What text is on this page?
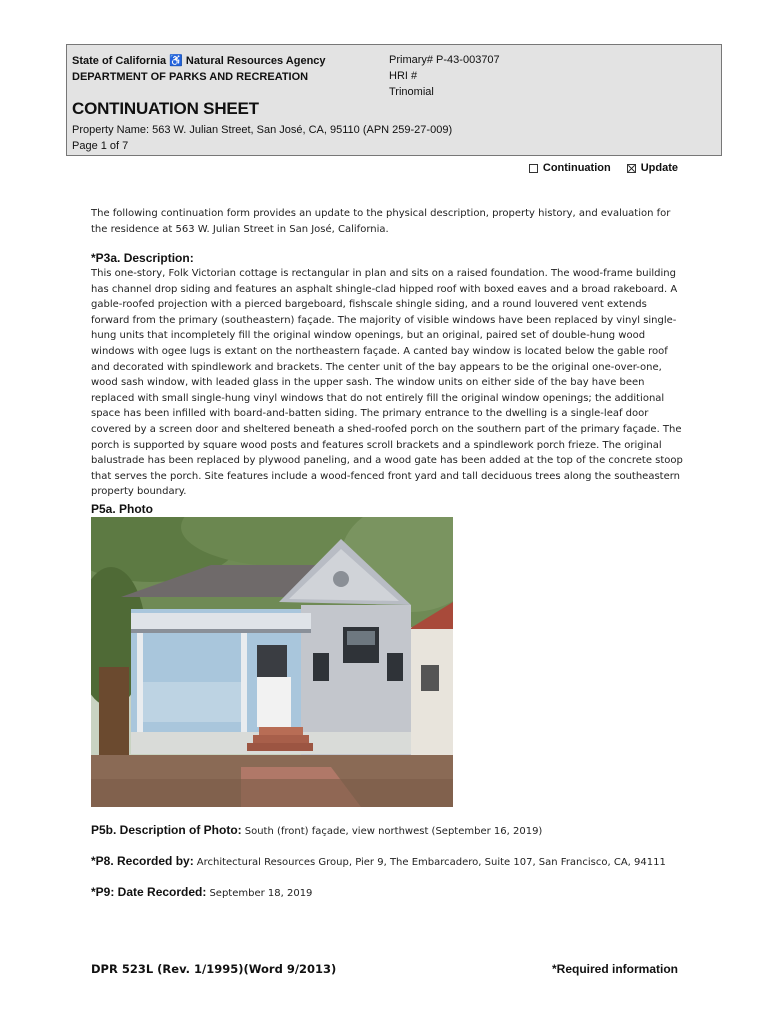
State of California ♿ Natural Resources Agency
DEPARTMENT OF PARKS AND RECREATION
Primary# P-43-003707
HRI #
Trinomial
CONTINUATION SHEET
Property Name: 563 W. Julian Street, San José, CA, 95110 (APN 259-27-009)
Page 1 of 7
Continuation	Update
The following continuation form provides an update to the physical description, property history, and evaluation for the residence at 563 W. Julian Street in San José, California.
*P3a. Description:
This one-story, Folk Victorian cottage is rectangular in plan and sits on a raised foundation. The wood-frame building has channel drop siding and features an asphalt shingle-clad hipped roof with boxed eaves and a broad rakeboard. A gable-roofed projection with a pierced bargeboard, fishscale shingle siding, and a round louvered vent extends forward from the primary (southeastern) façade. The majority of visible windows have been replaced by vinyl single-hung units that incompletely fill the original window openings, but an original, paired set of double-hung wood windows with ogee lugs is extant on the northeastern façade. A canted bay window is located below the gable roof and decorated with spindlework and brackets. The center unit of the bay appears to be the original one-over-one, wood sash window, with leaded glass in the upper sash. The window units on either side of the bay have been replaced with small single-hung vinyl windows that do not entirely fill the original window openings; the additional space has been infilled with board-and-batten siding. The primary entrance to the dwelling is a single-leaf door covered by a screen door and sheltered beneath a shed-roofed porch on the southern part of the primary façade. The porch is supported by square wood posts and features scroll brackets and a spindlework porch frieze. The original balustrade has been replaced by plywood paneling, and a wood gate has been added at the top of the concrete stoop that serves the porch. Site features include a wood-fenced front yard and tall deciduous trees along the southeastern property boundary.
P5a. Photo
P5b. Description of Photo: South (front) façade, view northwest (September 16, 2019)
*P8. Recorded by: Architectural Resources Group, Pier 9, The Embarcadero, Suite 107, San Francisco, CA, 94111
*P9: Date Recorded: September 18, 2019
DPR 523L (Rev. 1/1995)(Word 9/2013)	*Required information
